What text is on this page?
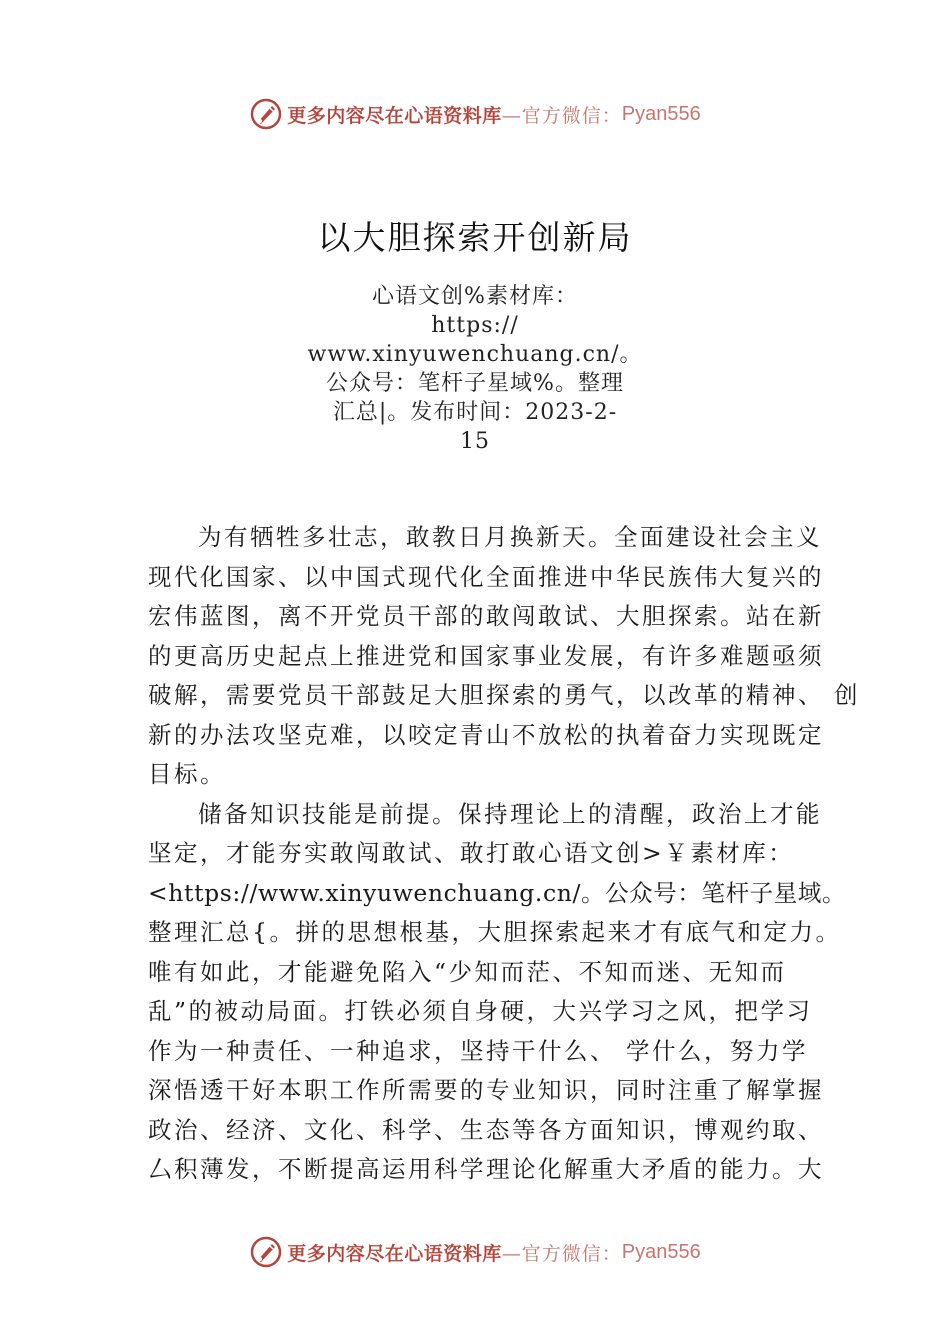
更多内容尽在心语资料库 —官方微信： Pyan556
以大胆探索开创新局
心语文创%素材库：
https://
www.xinyuwenchuang.cn/。
公众号：笔杆子星域%。整理
汇总|。发布时间：2023-2-
15
为有牺牲多壮志，敢教日月换新天。全面建设社会主义
现代化国家、以中国式现代化全面推进中华民族伟大复兴的
宏伟蓝图，离不开党员干部的敢闯敢试、大胆探索。站在新
的更高历史起点上推进党和国家事业发展，有许多难题亟须
破解，需要党员干部鼓足大胆探索的勇气，以改革的精神、 创
新的办法攻坚克难，以咬定青山不放松的执着奋力实现既定
目标。
储备知识技能是前提。保持理论上的清醒，政治上才能
坚定，才能夯实敢闯敢试、敢打敢心语文创>￥素材库：
<https://www.xinyuwenchuang.cn/。公众号：笔杆子星域。
整理汇总{。拼的思想根基，大胆探索起来才有底气和定力。
唯有如此，才能避免陷入“少知而茫、不知而迷、无知而
乱”的被动局面。打铁必须自身硬，大兴学习之风，把学习
作为一种责任、一种追求，坚持干什么、 学什么，努力学
深悟透干好本职工作所需要的专业知识，同时注重了解掌握
政治、经济、文化、科学、生态等各方面知识，博观约取、
厶积薄发，不断提高运用科学理论化解重大矛盾的能力。大
更多内容尽在心语资料库 —官方微信： Pyan556
